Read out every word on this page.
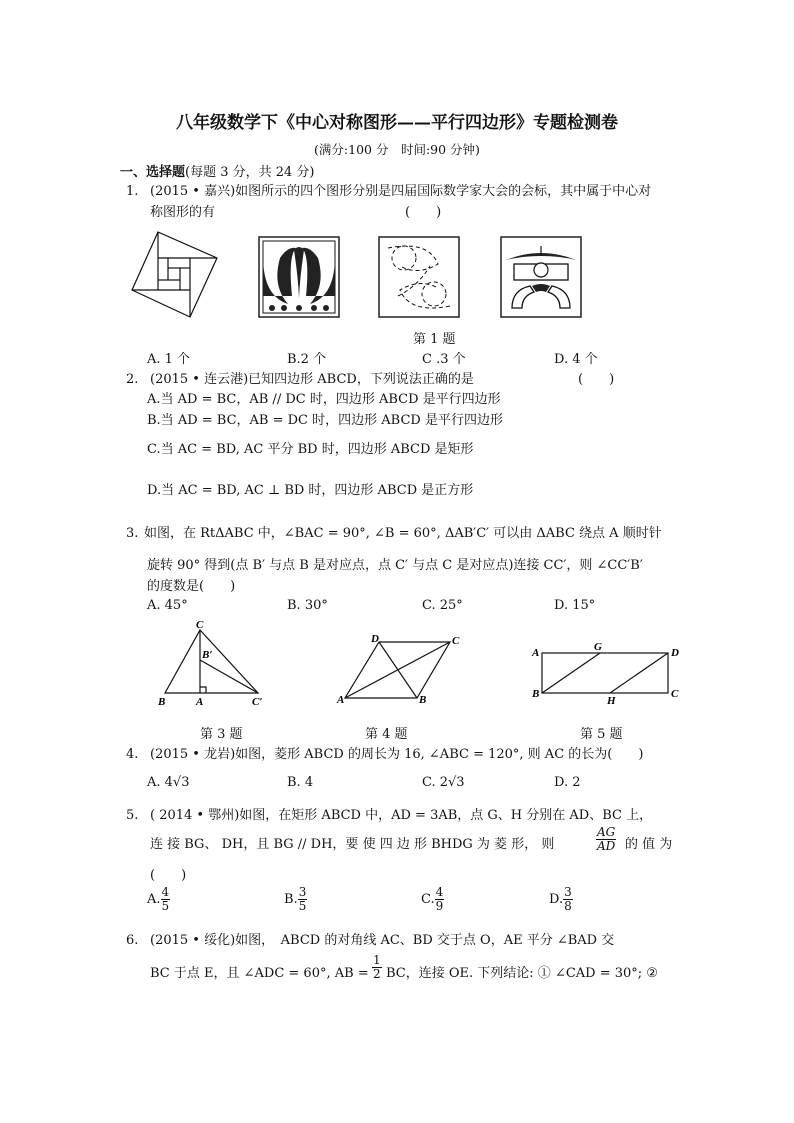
八年级数学下《中心对称图形——平行四边形》专题检测卷
(满分:100 分　时间:90 分钟)
一、选择题(每题 3 分，共 24 分)
1. (2015 • 嘉兴)如图所示的四个图形分别是四届国际数学家大会的会标，其中属于中心对
称图形的有	(　　)
第 1 题
A. 1 个	B.2 个	C .3 个	D. 4 个
2. (2015 • 连云港)已知四边形 ABCD，下列说法正确的是	(　　)
A.当 AD = BC，AB // DC 时，四边形 ABCD 是平行四边形
B.当 AD = BC，AB = DC 时，四边形 ABCD 是平行四边形
C.当 AC = BD, AC 平分 BD 时，四边形 ABCD 是矩形
D.当 AC = BD, AC ⊥ BD 时，四边形 ABCD 是正方形
3. 如图，在 RtΔABC 中，∠BAC = 90°, ∠B = 60°, ΔAB′C′ 可以由 ΔABC 绕点 A 顺时针
旋转 90° 得到(点 B′ 与点 B 是对应点，点 C′ 与点 C 是对应点)连接 CC′，则 ∠CC′B′
的度数是(　　)
A. 45°	B. 30°	C. 25°	D. 15°
C
B′
B	A	C′
D	C
A	B
A	G	D
B
H
C
第 3 题	第 4 题	第 5 题
4. (2015 • 龙岩)如图，菱形 ABCD 的周长为 16, ∠ABC = 120°, 则 AC 的长为(　　)
A. 4√3	B. 4	C. 2√3	D. 2
5. ( 2014 • 鄂州)如图，在矩形 ABCD 中，AD = 3AB，点 G、H 分别在 AD、BC 上，
连 接 BG、 DH，且 BG // DH，要 使 四 边 形 BHDG 为 菱 形， 则	$\frac{AG}{AD}$ 的 值 为
(　　)
A. $\frac{4}{5}$	B. $\frac{3}{5}$	C. $\frac{4}{9}$	D. $\frac{3}{8}$
6. (2015 • 绥化)如图，　ABCD 的对角线 AC、BD 交于点 O，AE 平分 ∠BAD 交
BC 于点 E，且 ∠ADC = 60°, AB = $\frac{1}{2}$ BC，连接 OE. 下列结论: ① ∠CAD = 30°; ②
